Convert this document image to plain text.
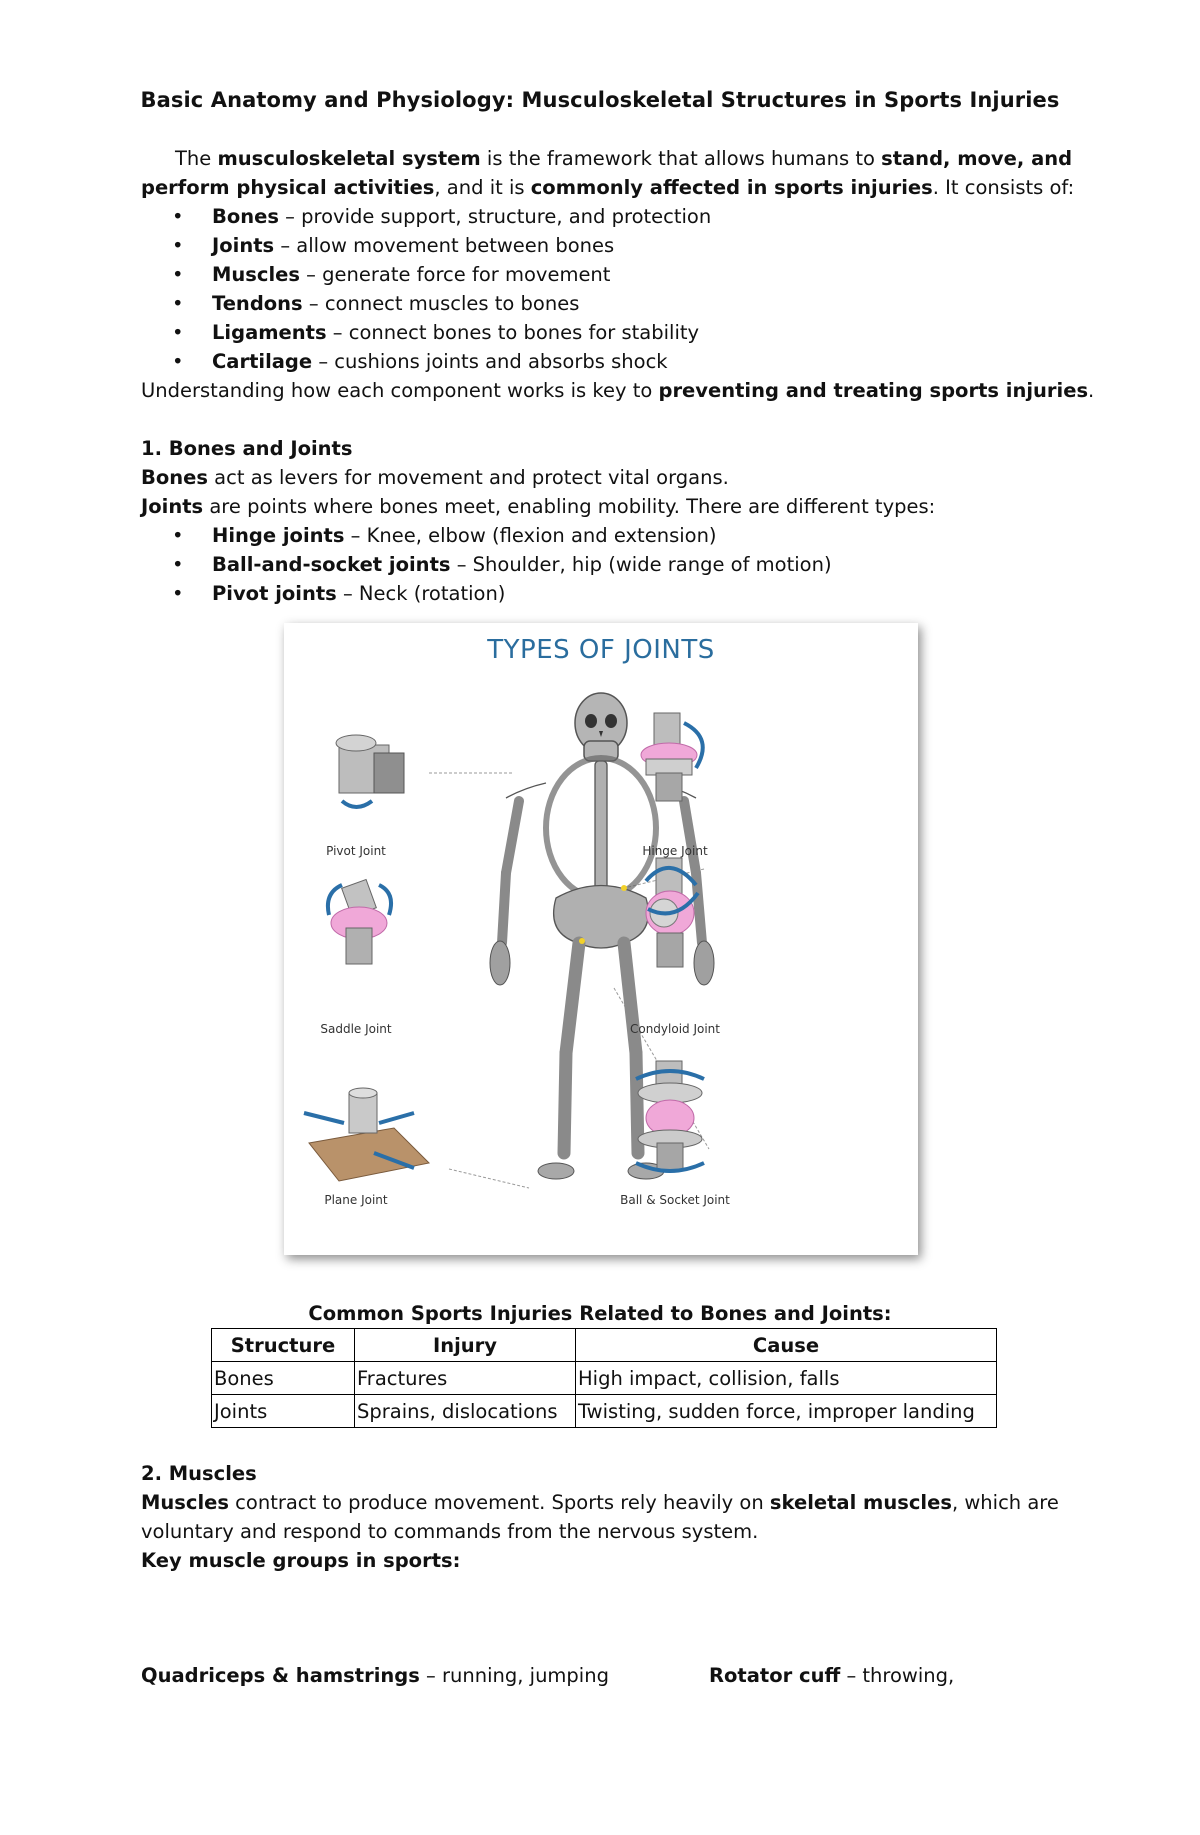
Basic Anatomy and Physiology: Musculoskeletal Structures in Sports Injuries
The musculoskeletal system is the framework that allows humans to stand, move, and
perform physical activities, and it is commonly affected in sports injuries. It consists of:
• Bones – provide support, structure, and protection
• Joints – allow movement between bones
• Muscles – generate force for movement
• Tendons – connect muscles to bones
• Ligaments – connect bones to bones for stability
• Cartilage – cushions joints and absorbs shock
Understanding how each component works is key to preventing and treating sports injuries.
1. Bones and Joints
Bones act as levers for movement and protect vital organs.
Joints are points where bones meet, enabling mobility. There are different types:
• Hinge joints – Knee, elbow (flexion and extension)
• Ball-and-socket joints – Shoulder, hip (wide range of motion)
• Pivot joints – Neck (rotation)
TYPES OF JOINTS
Pivot Joint	Hinge Joint
Saddle Joint	Condyloid Joint
Plane Joint	Ball & Socket Joint
Common Sports Injuries Related to Bones and Joints:
Structure	Injury	Cause
Bones	Fractures	High impact, collision, falls
Joints	Sprains, dislocations	Twisting, sudden force, improper landing
2. Muscles
Muscles contract to produce movement. Sports rely heavily on skeletal muscles, which are
voluntary and respond to commands from the nervous system.
Key muscle groups in sports:
Quadriceps & hamstrings – running, jumping	Rotator cuff – throwing,
